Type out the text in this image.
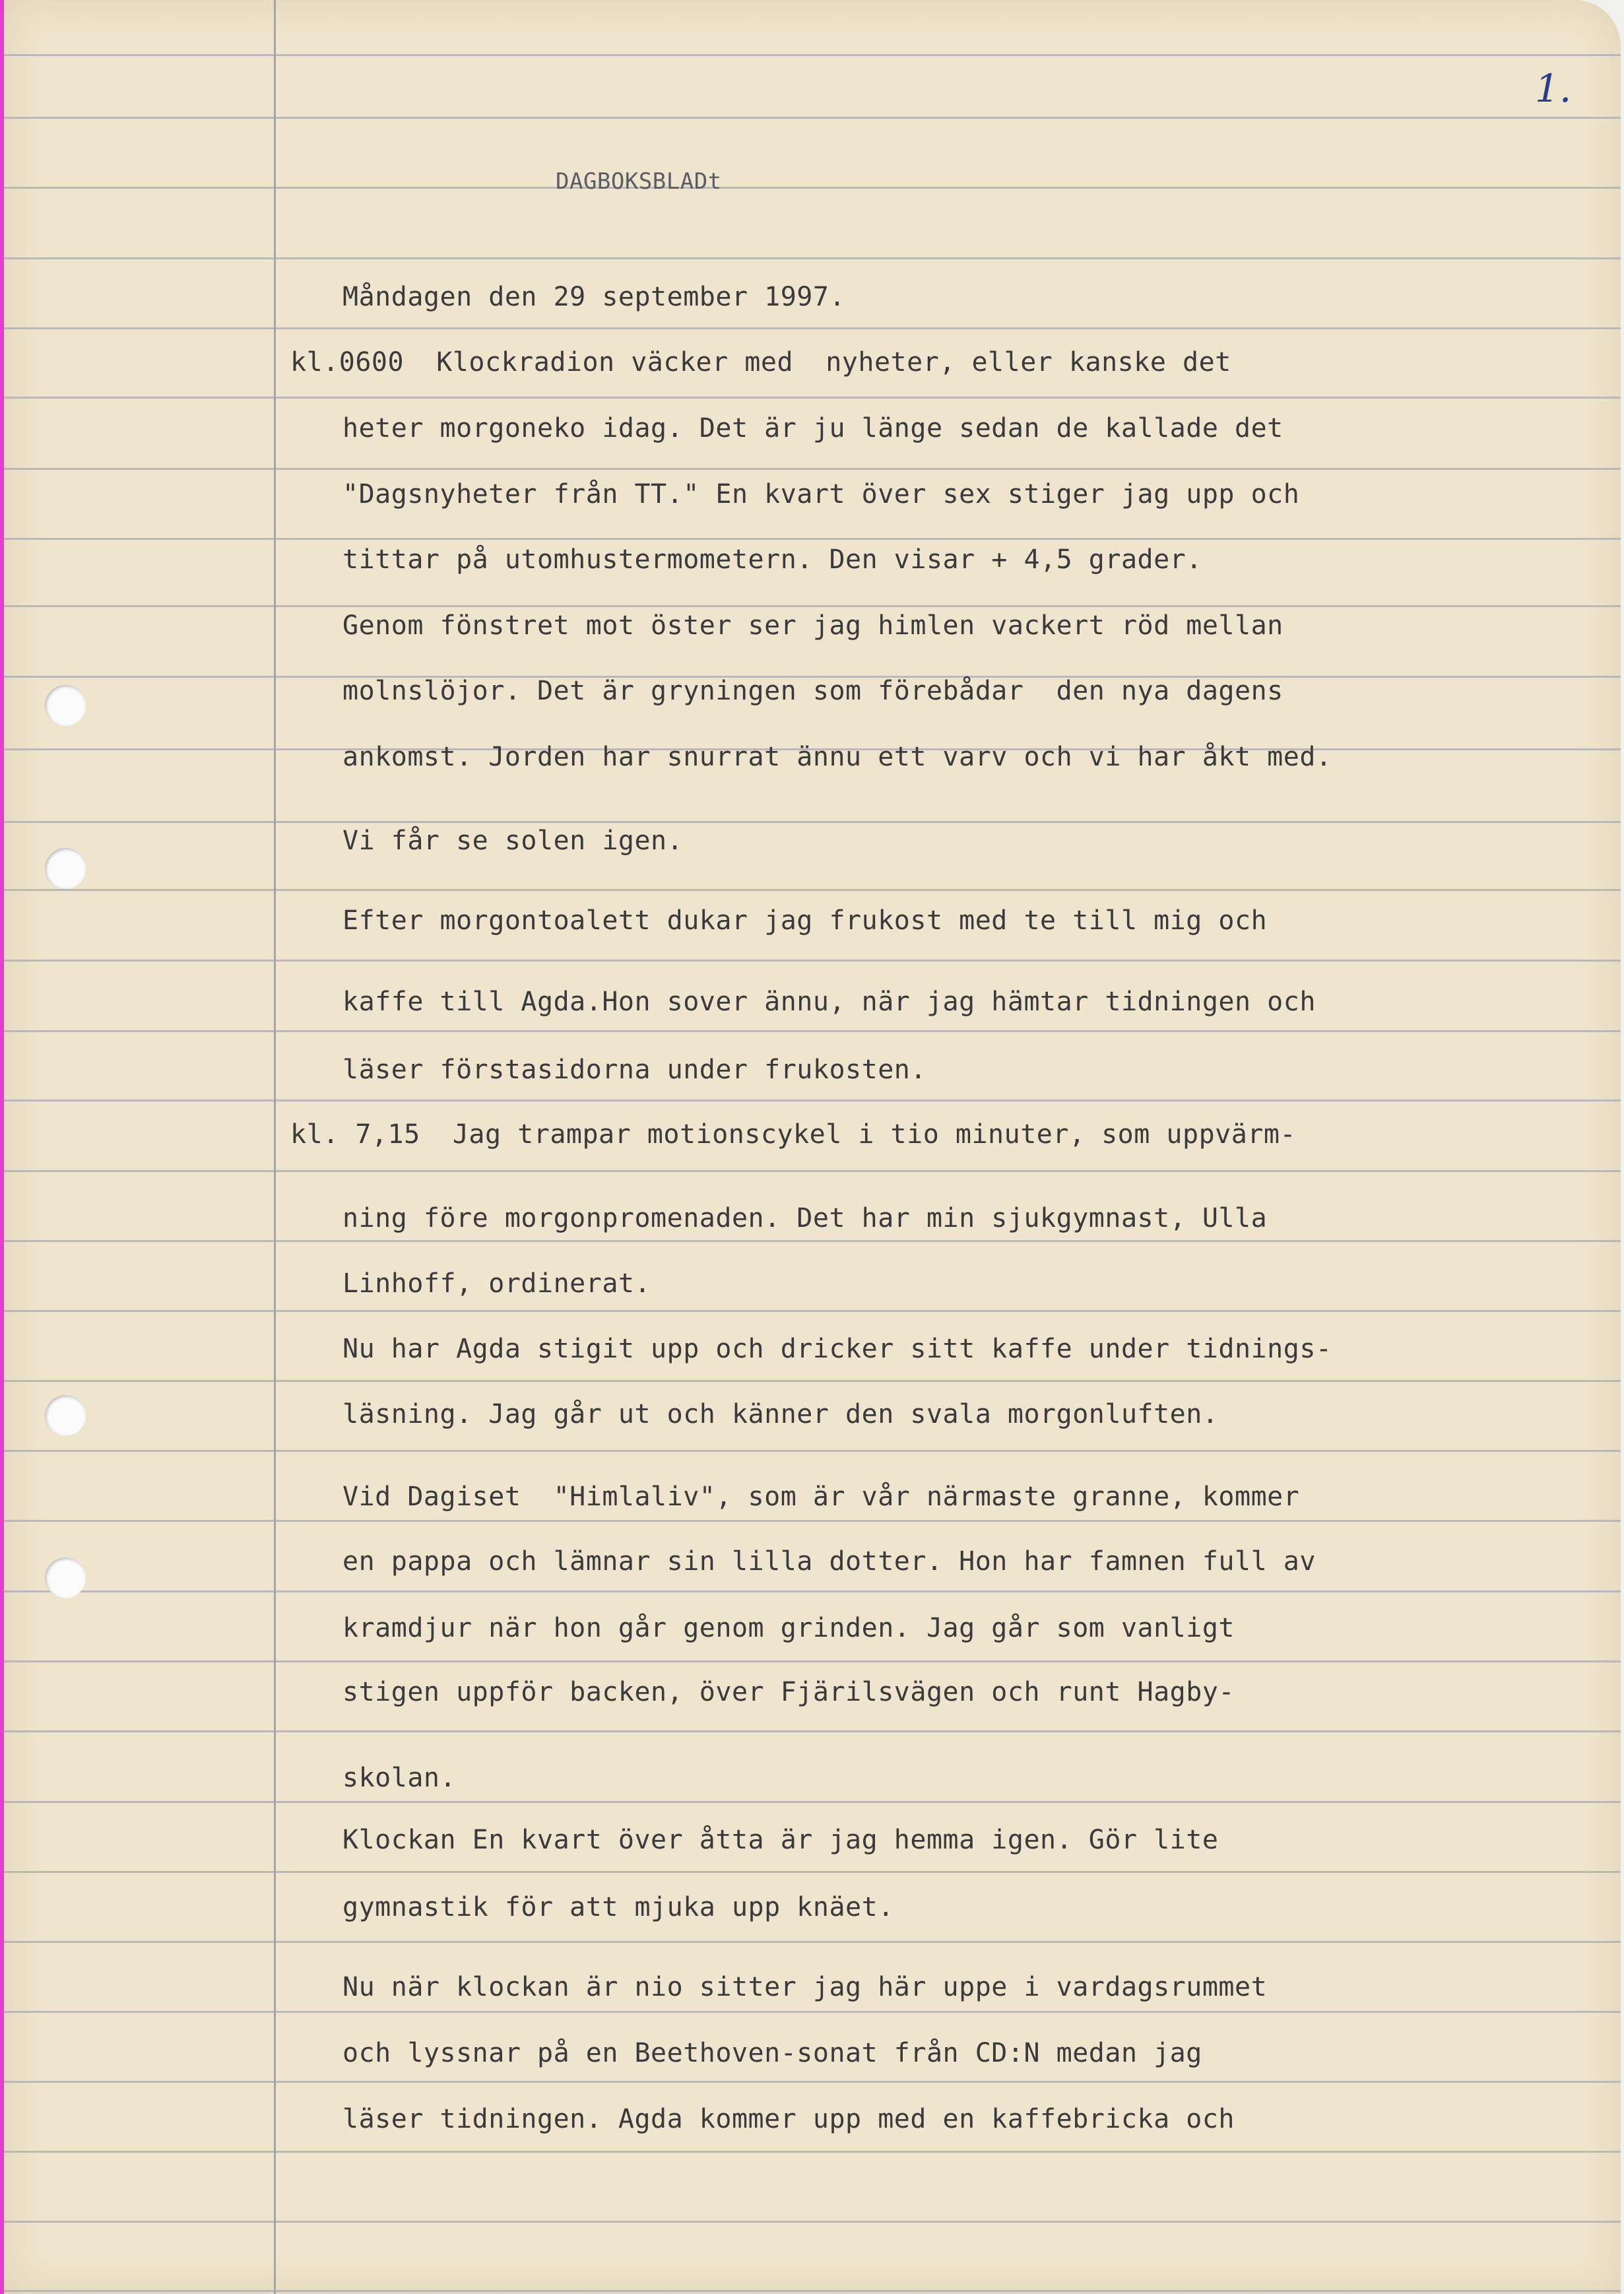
1.
DAGBOKSBLADt
Måndagen den 29 september 1997.
kl.0600  Klockradion väcker med  nyheter, eller kanske det
heter morgoneko idag. Det är ju länge sedan de kallade det
"Dagsnyheter från TT." En kvart över sex stiger jag upp och
tittar på utomhustermometern. Den visar + 4,5 grader.
Genom fönstret mot öster ser jag himlen vackert röd mellan
molnslöjor. Det är gryningen som förebådar  den nya dagens
ankomst. Jorden har snurrat ännu ett varv och vi har åkt med.
Vi får se solen igen.
Efter morgontoalett dukar jag frukost med te till mig och
kaffe till Agda.Hon sover ännu, när jag hämtar tidningen och
läser förstasidorna under frukosten.
kl. 7,15  Jag trampar motionscykel i tio minuter, som uppvärm-
ning före morgonpromenaden. Det har min sjukgymnast, Ulla
Linhoff, ordinerat.
Nu har Agda stigit upp och dricker sitt kaffe under tidnings-
läsning. Jag går ut och känner den svala morgonluften.
Vid Dagiset  "Himlaliv", som är vår närmaste granne, kommer
en pappa och lämnar sin lilla dotter. Hon har famnen full av
kramdjur när hon går genom grinden. Jag går som vanligt
stigen uppför backen, över Fjärilsvägen och runt Hagby-
skolan.
Klockan En kvart över åtta är jag hemma igen. Gör lite
gymnastik för att mjuka upp knäet.
Nu när klockan är nio sitter jag här uppe i vardagsrummet
och lyssnar på en Beethoven-sonat från CD:N medan jag
läser tidningen. Agda kommer upp med en kaffebricka och
